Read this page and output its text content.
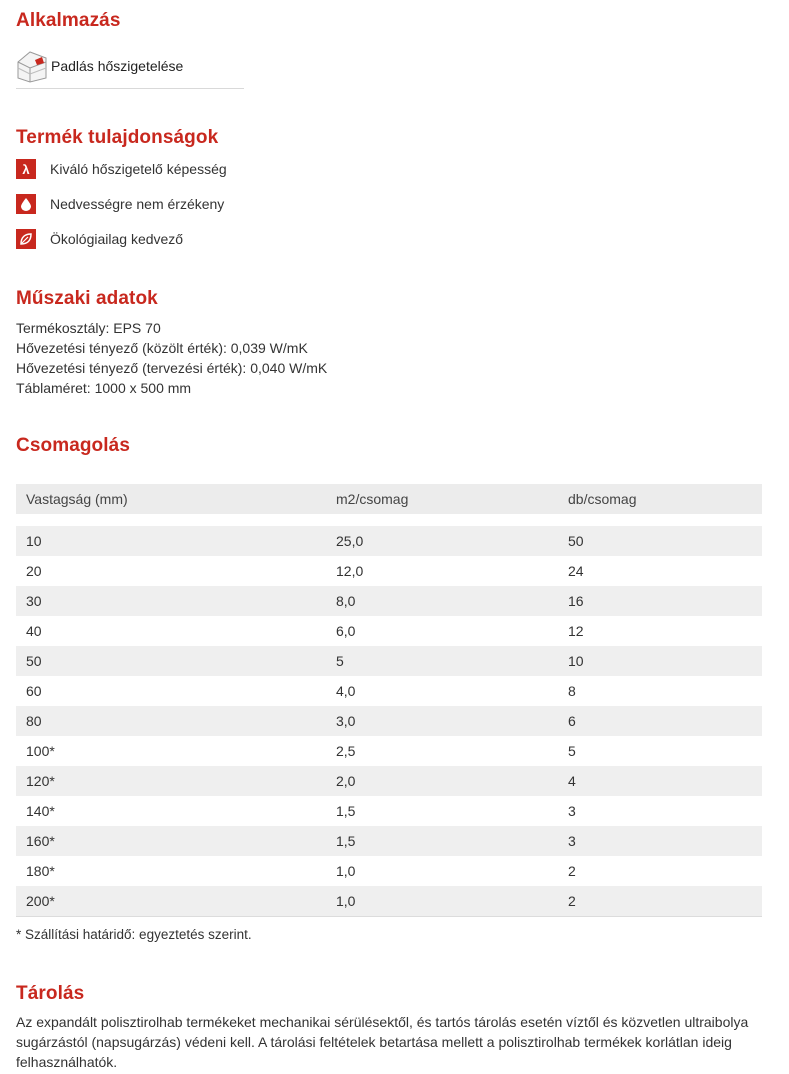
Alkalmazás
Padlás hőszigetelése
Termék tulajdonságok
λ	Kiváló hőszigetelő képesség
Nedvességre nem érzékeny
Ökológiailag kedvező
Műszaki adatok
Termékosztály: EPS 70
Hővezetési tényező (közölt érték): 0,039 W/mK
Hővezetési tényező (tervezési érték): 0,040 W/mK
Táblaméret: 1000 x 500 mm
Csomagolás
Vastagság (mm)	m2/csomag	db/csomag

10	25,0	50
20	12,0	24
30	8,0	16
40	6,0	12
50	5	10
60	4,0	8
80	3,0	6
100*	2,5	5
120*	2,0	4
140*	1,5	3
160*	1,5	3
180*	1,0	2
200*	1,0	2
* Szállítási határidő: egyeztetés szerint.
Tárolás
Az expandált polisztirolhab termékeket mechanikai sérülésektől, és tartós tárolás esetén víztől és közvetlen ultraibolya sugárzástól (napsugárzás) védeni kell. A tárolási feltételek betartása mellett a polisztirolhab termékek korlátlan ideig felhasználhatók.
